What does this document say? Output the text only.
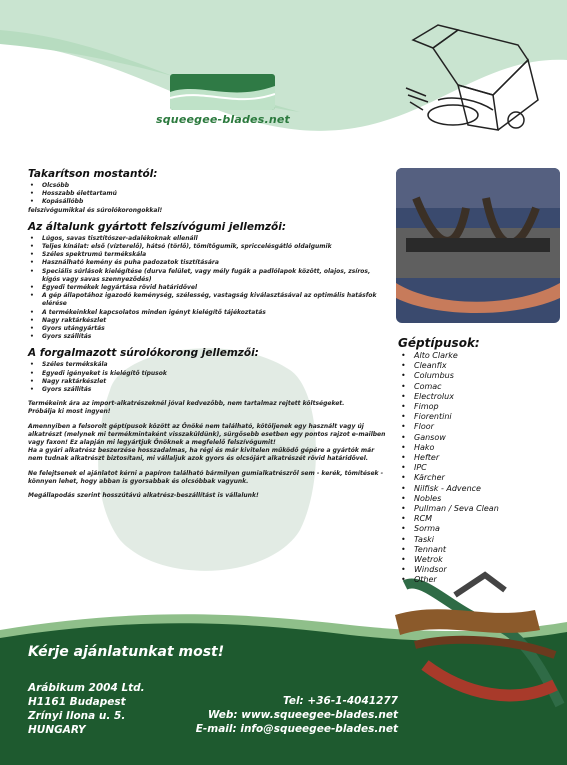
squeegee-blades.net

Takarítson mostantól:

• Olcsóbb
• Hosszabb élettartamú
• Kopásállóbb

felszívógumikkal és súrolókorongokkal!

Az általunk gyártott felszívógumi jellemzői:

• Lúgos, savas tisztítószer-adalékoknak ellenáll
• Teljes kínálat: első (vízterelő), hátsó (törlő), tömítőgumik, spriccelésgátló oldalgumik
• Széles spektrumú termékskála
• Használható kemény és puha padozatok tisztítására
• Speciális súrlások kielégítése (durva felület, vagy mély fugák a padlólapok között, olajos, zsíros, kígós vagy savas szennyeződés)
• Egyedi termékek legyártása rövid határidővel
• A gép állapotához igazodó keménység, szélesség, vastagság kiválasztásával az optimális hatásfok elérése
• A termékeinkkel kapcsolatos minden igényt kielégítő tájékoztatás
• Nagy raktárkészlet
• Gyors utángyártás
• Gyors szállítás

A forgalmazott súrolókorong jellemzői:

• Széles termékskála
• Egyedi igényeket is kielégítő típusok
• Nagy raktárkészlet
• Gyors szállítás

Termékeink ára az import-alkatrészeknél jóval kedvezőbb, nem tartalmaz rejtett költségeket.

Próbálja ki most ingyen!

Amennyiben a felsorolt géptípusok között az Önöké nem található, kötöljenek egy használt vagy új alkatrészt (melynek mi termékmintaként visszaküldünk), sürgősebb esetben egy pontos rajzot e-mailben vagy faxon! Ez alapján mi legyártjuk Önöknek a megfelelő felszívógumit!

Ha a gyári alkatrész beszerzése hosszadalmas, ha régi és már kivitelen működő gépére a gyártók már nem tudnak alkatrészt biztosítani, mi vállaljuk azok gyors és olcsójárt alkatrészét rövid határidővel.

Ne felejtsenek el ajánlatot kérni a papíron található bármilyen gumialkatrészről sem - kerék, tömítések - könnyen lehet, hogy abban is gyorsabbak és olcsóbbak vagyunk.

Megállapodás szerint hosszútávú alkatrész-beszállítást is vállalunk!

Géptípusok:
• Alto Clarke
• Cleanfix
• Columbus
• Comac
• Electrolux
• Fimop
• Fiorentini
• Floor
• Gansow
• Hako
• Hefter
• IPC
• Kärcher
• Nilfisk - Advence
• Nobles
• Pullman / Seva Clean
• RCM
• Sorma
• Taski
• Tennant
• Wetrok
• Windsor
• Other
Kérje ajánlatunkat most!
Arábikum 2004 Ltd.
H1161 Budapest
Zrínyi Ilona u. 5.
HUNGARY
Tel: +36-1-4041277
Web: www.squeegee-blades.net
E-mail: info@squeegee-blades.net
